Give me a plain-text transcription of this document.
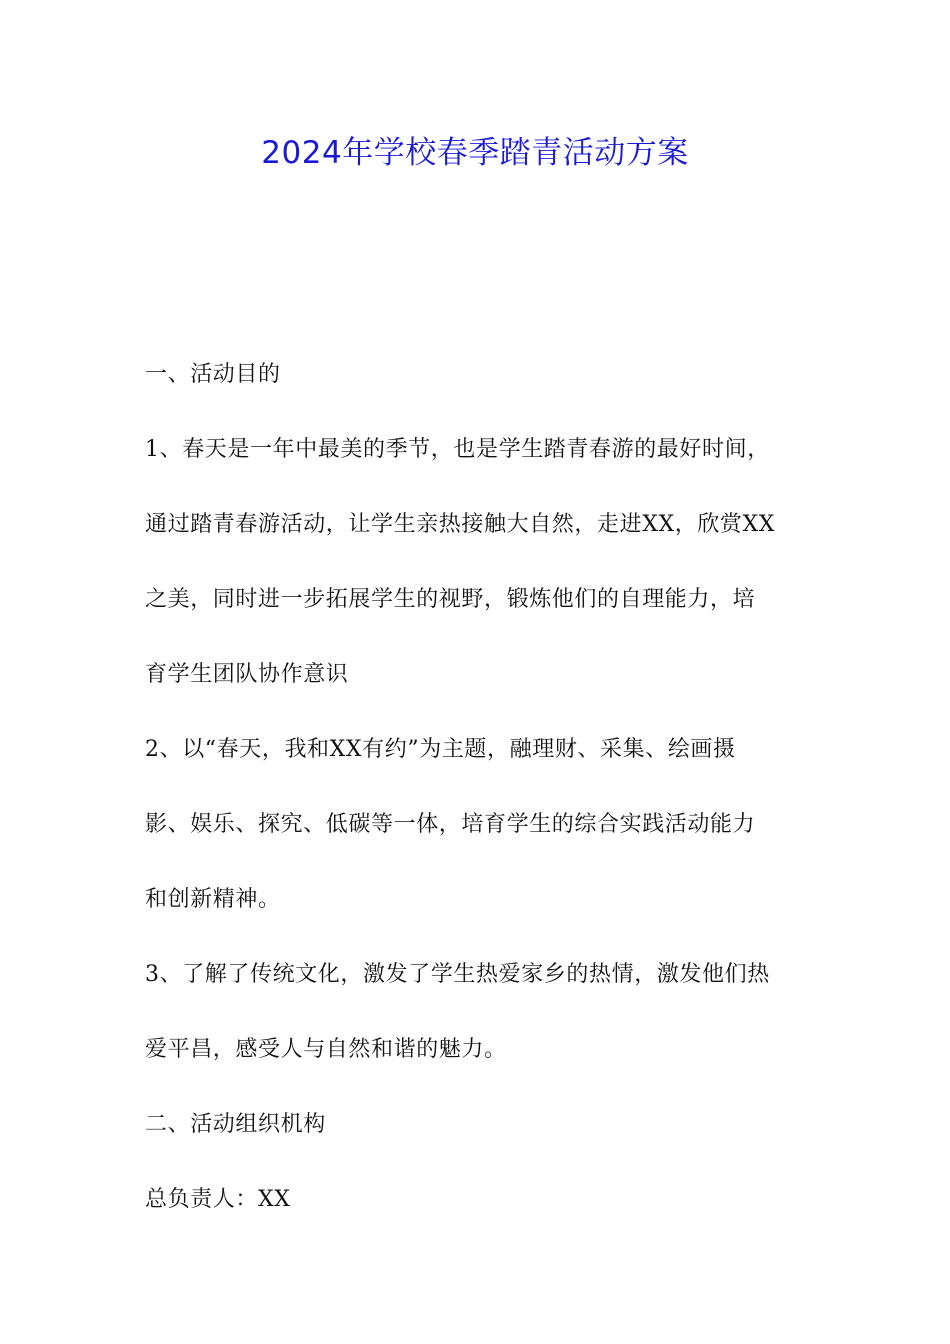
2024年学校春季踏青活动方案
一、活动目的
1、春天是一年中最美的季节，也是学生踏青春游的最好时间，
通过踏青春游活动，让学生亲热接触大自然，走进XX，欣赏XX
之美，同时进一步拓展学生的视野，锻炼他们的自理能力，培
育学生团队协作意识
2、以“春天，我和XX有约”为主题，融理财、采集、绘画摄
影、娱乐、探究、低碳等一体，培育学生的综合实践活动能力
和创新精神。
3、了解了传统文化，激发了学生热爱家乡的热情，激发他们热
爱平昌，感受人与自然和谐的魅力。
二、活动组织机构
总负责人：XX
